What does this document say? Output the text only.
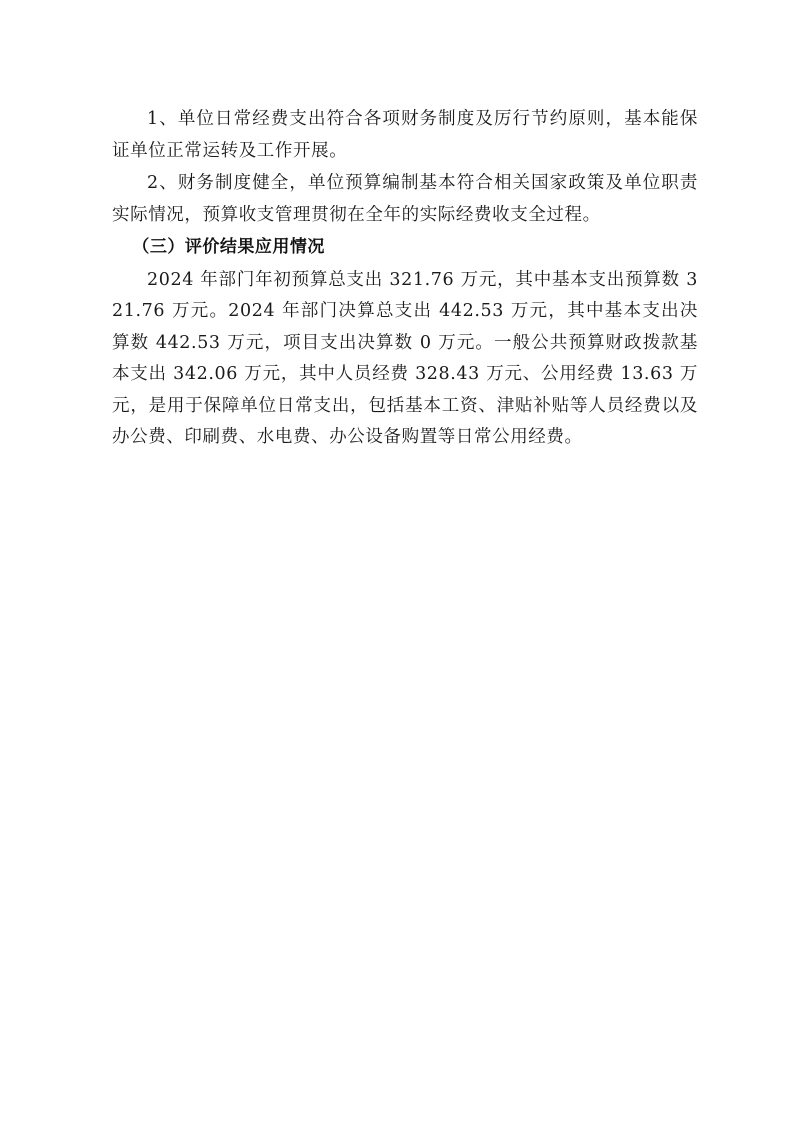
1、单位日常经费支出符合各项财务制度及厉行节约原则，基本能保证单位正常运转及工作开展。

2、财务制度健全，单位预算编制基本符合相关国家政策及单位职责实际情况，预算收支管理贯彻在全年的实际经费收支全过程。

（三）评价结果应用情况

2024 年部门年初预算总支出 321.76 万元，其中基本支出预算数 321.76 万元。2024 年部门决算总支出 442.53 万元，其中基本支出决算数 442.53 万元，项目支出决算数 0 万元。一般公共预算财政拨款基本支出 342.06 万元，其中人员经费 328.43 万元、公用经费 13.63 万元，是用于保障单位日常支出，包括基本工资、津贴补贴等人员经费以及办公费、印刷费、水电费、办公设备购置等日常公用经费。
